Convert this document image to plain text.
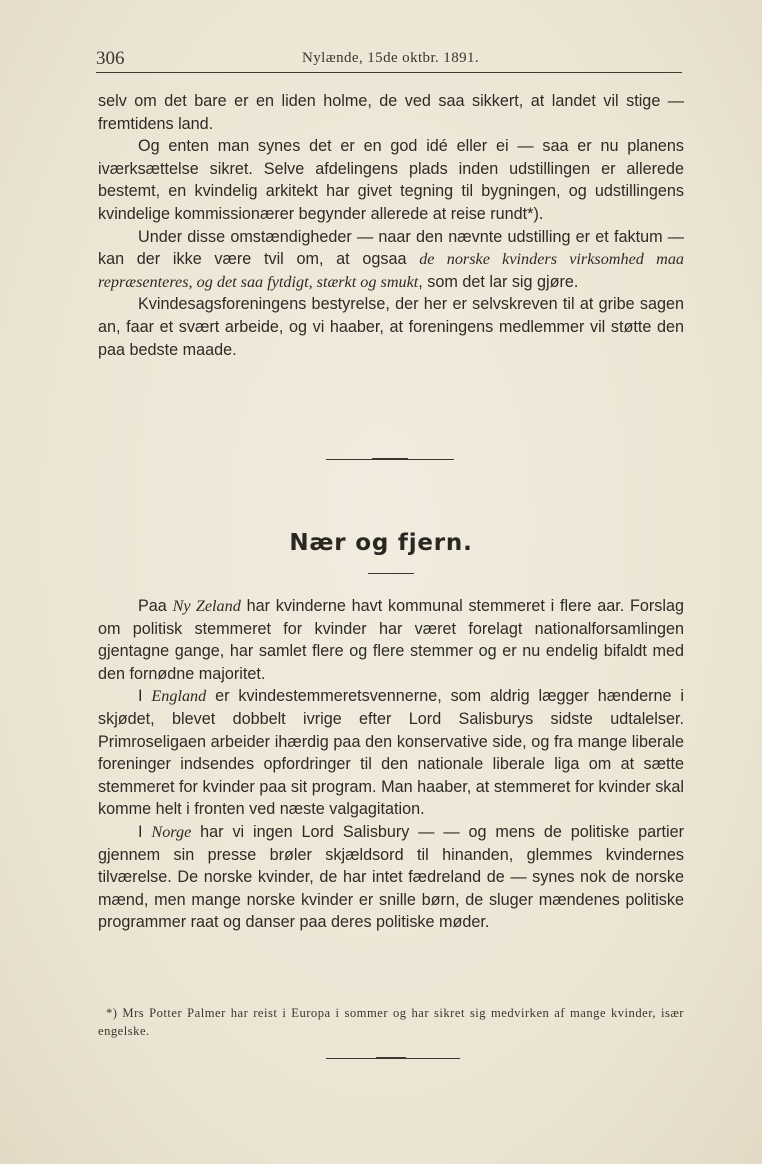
306	Nylænde, 15de oktbr. 1891.

selv om det bare er en liden holme, de ved saa sikkert, at landet vil stige — fremtidens land.

Og enten man synes det er en god idé eller ei — saa er nu planens iværksættelse sikret. Selve afdelingens plads inden udstillingen er allerede bestemt, en kvindelig arkitekt har givet tegning til bygningen, og udstillingens kvindelige kommissionærer begynder allerede at reise rundt*).

Under disse omstændigheder — naar den nævnte udstilling er et faktum — kan der ikke være tvil om, at ogsaa de norske kvinders virksomhed maa repræsenteres, og det saa fytdigt, stærkt og smukt, som det lar sig gjøre.

Kvindesagsforeningens bestyrelse, der her er selvskreven til at gribe sagen an, faar et svært arbeide, og vi haaber, at foreningens medlemmer vil støtte den paa bedste maade.

Nær og fjern.

Paa Ny Zeland har kvinderne havt kommunal stemmeret i flere aar. Forslag om politisk stemmeret for kvinder har været forelagt nationalforsamlingen gjentagne gange, har samlet flere og flere stemmer og er nu endelig bifaldt med den fornødne majoritet.

I England er kvindestemmeretsvennerne, som aldrig lægger hænderne i skjødet, blevet dobbelt ivrige efter Lord Salisburys sidste udtalelser. Primroseligaen arbeider ihærdig paa den konservative side, og fra mange liberale foreninger indsendes opfordringer til den nationale liberale liga om at sætte stemmeret for kvinder paa sit program. Man haaber, at stemmeret for kvinder skal komme helt i fronten ved næste valgagitation.

I Norge har vi ingen Lord Salisbury — — og mens de politiske partier gjennem sin presse brøler skjældsord til hinanden, glemmes kvindernes tilværelse. De norske kvinder, de har intet fædreland de — synes nok de norske mænd, men mange norske kvinder er snille børn, de sluger mændenes politiske programmer raat og danser paa deres politiske møder.

*) Mrs Potter Palmer har reist i Europa i sommer og har sikret sig medvirken af mange kvinder, især engelske.
